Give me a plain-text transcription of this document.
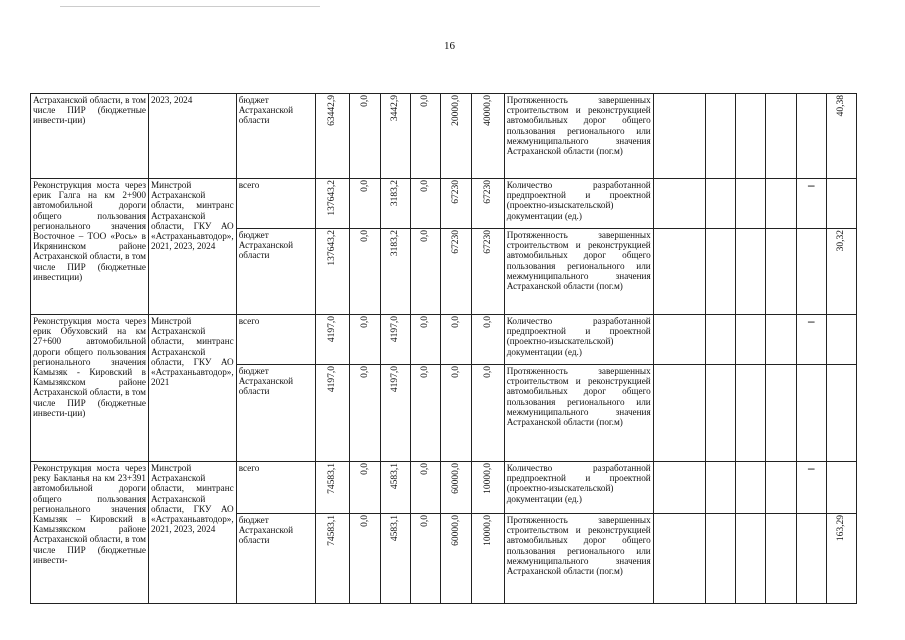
16
Астраханской области, в том числе ПИР (бюджетные инвести-ции)	2023, 2024	бюджет Астраханской области	63442,9	0,0	3442,9	0,0	20000,0	40000,0	Протяженность завершенных строительством и реконструкцией автомобильных дорог общего пользования регионального или межмуниципального значения Астраханской области (пог.м)						40,38

Реконструкция моста через ерик Галга на км 2+900 автомобильной дороги общего пользования регионального значения Восточное – ТОО «Рось» в Икрянинском районе Астраханской области, в том числе ПИР (бюджетные инвестиции)	Минстрой Астраханской области, минтранс Астраханской области, ГКУ АО «Астраханьавтодор», 2021, 2023, 2024	всего	137643,2	0,0	3183,2	0,0	67230	67230	Количество разработанной предпроектной и проектной (проектно-изыскательской) документации (ед.)					–	
		бюджет Астраханской области	137643,2	0,0	3183,2	0,0	67230	67230	Протяженность завершенных строительством и реконструкцией автомобильных дорог общего пользования регионального или межмуниципального значения Астраханской области (пог.м)						30,32

Реконструкция моста через ерик Обуховский на км 27+600 автомобильной дороги общего пользования регионального значения Камызяк - Кировский в Камызякском районе Астраханской области, в том числе ПИР (бюджетные инвести-ции)	Минстрой Астраханской области, минтранс Астраханской области, ГКУ АО «Астраханьавтодор», 2021	всего	4197,0	0,0	4197,0	0,0	0,0	0,0	Количество разработанной предпроектной и проектной (проектно-изыскательской) документации (ед.)					–	
		бюджет Астраханской области	4197,0	0,0	4197,0	0,0	0,0	0,0	Протяженность завершенных строительством и реконструкцией автомобильных дорог общего пользования регионального или межмуниципального значения Астраханской области (пог.м)						

Реконструкция моста через реку Бакланья на км 23+391 автомобильной дороги общего пользования регионального значения Камызяк – Кировский в Камызякском районе Астраханской области, в том числе ПИР (бюджетные инвести-	Минстрой Астраханской области, минтранс Астраханской области, ГКУ АО «Астраханьавтодор», 2021, 2023, 2024	всего	74583,1	0,0	4583,1	0,0	60000,0	10000,0	Количество разработанной предпроектной и проектной (проектно-изыскательской) документации (ед.)					–	
		бюджет Астраханской области	74583,1	0,0	4583,1	0,0	60000,0	10000,0	Протяженность завершенных строительством и реконструкцией автомобильных дорог общего пользования регионального или межмуниципального значения Астраханской области (пог.м)						163,29
